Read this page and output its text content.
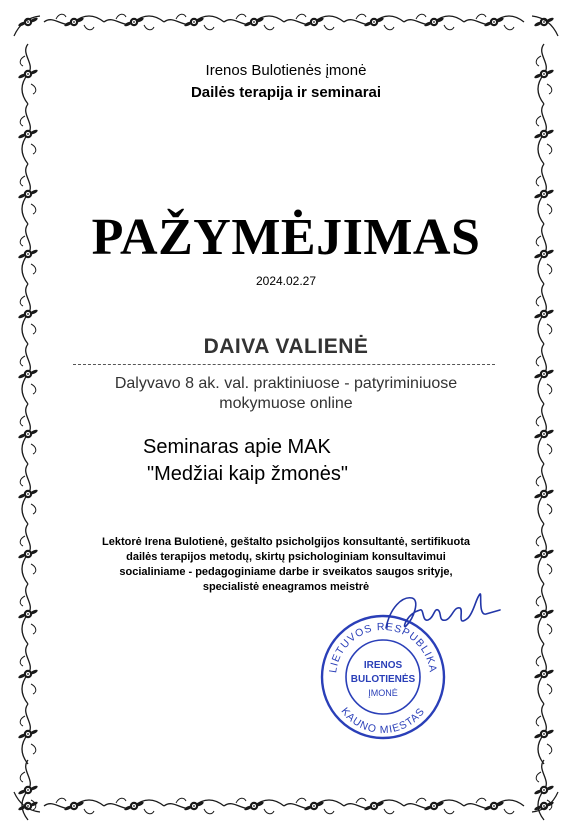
Irenos Bulotienės įmonė
Dailės terapija ir seminarai
PAŽYMĖJIMAS
2024.02.27
DAIVA VALIENĖ
Dalyvavo 8 ak. val. praktiniuose - patyriminiuose
mokymuose online
Seminaras apie MAK
"Medžiai kaip žmonės"
Lektorė Irena Bulotienė, geštalto psicholgijos konsultantė, sertifikuota
dailės terapijos metodų, skirtų psichologiniam konsultavimui
socialiniame - pedagoginiame darbe ir sveikatos saugos srityje,
specialistė eneagramos meistrė
LIETUVOS RESPUBLIKA
KAUNO MIESTAS
IRENOS
BULOTIENĖS
ĮMONĖ
